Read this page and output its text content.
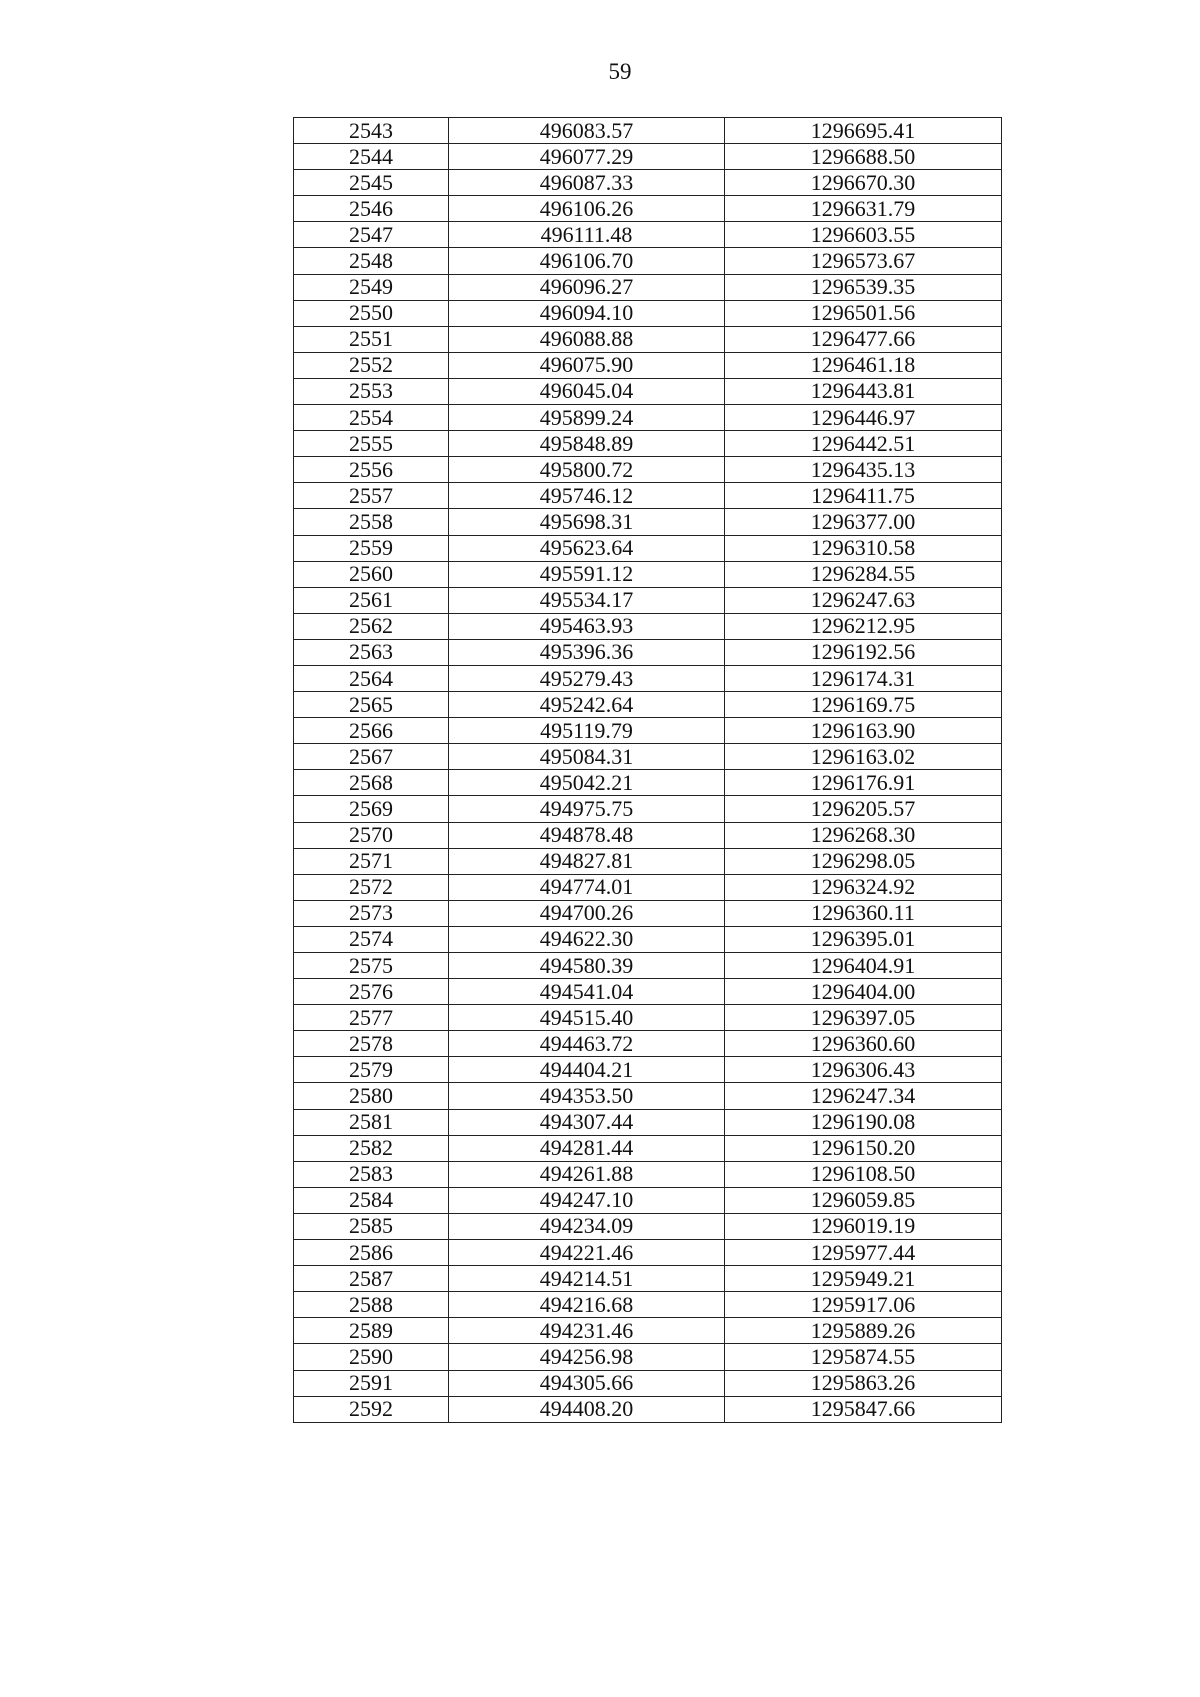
59
2543	496083.57	1296695.41
2544	496077.29	1296688.50
2545	496087.33	1296670.30
2546	496106.26	1296631.79
2547	496111.48	1296603.55
2548	496106.70	1296573.67
2549	496096.27	1296539.35
2550	496094.10	1296501.56
2551	496088.88	1296477.66
2552	496075.90	1296461.18
2553	496045.04	1296443.81
2554	495899.24	1296446.97
2555	495848.89	1296442.51
2556	495800.72	1296435.13
2557	495746.12	1296411.75
2558	495698.31	1296377.00
2559	495623.64	1296310.58
2560	495591.12	1296284.55
2561	495534.17	1296247.63
2562	495463.93	1296212.95
2563	495396.36	1296192.56
2564	495279.43	1296174.31
2565	495242.64	1296169.75
2566	495119.79	1296163.90
2567	495084.31	1296163.02
2568	495042.21	1296176.91
2569	494975.75	1296205.57
2570	494878.48	1296268.30
2571	494827.81	1296298.05
2572	494774.01	1296324.92
2573	494700.26	1296360.11
2574	494622.30	1296395.01
2575	494580.39	1296404.91
2576	494541.04	1296404.00
2577	494515.40	1296397.05
2578	494463.72	1296360.60
2579	494404.21	1296306.43
2580	494353.50	1296247.34
2581	494307.44	1296190.08
2582	494281.44	1296150.20
2583	494261.88	1296108.50
2584	494247.10	1296059.85
2585	494234.09	1296019.19
2586	494221.46	1295977.44
2587	494214.51	1295949.21
2588	494216.68	1295917.06
2589	494231.46	1295889.26
2590	494256.98	1295874.55
2591	494305.66	1295863.26
2592	494408.20	1295847.66
